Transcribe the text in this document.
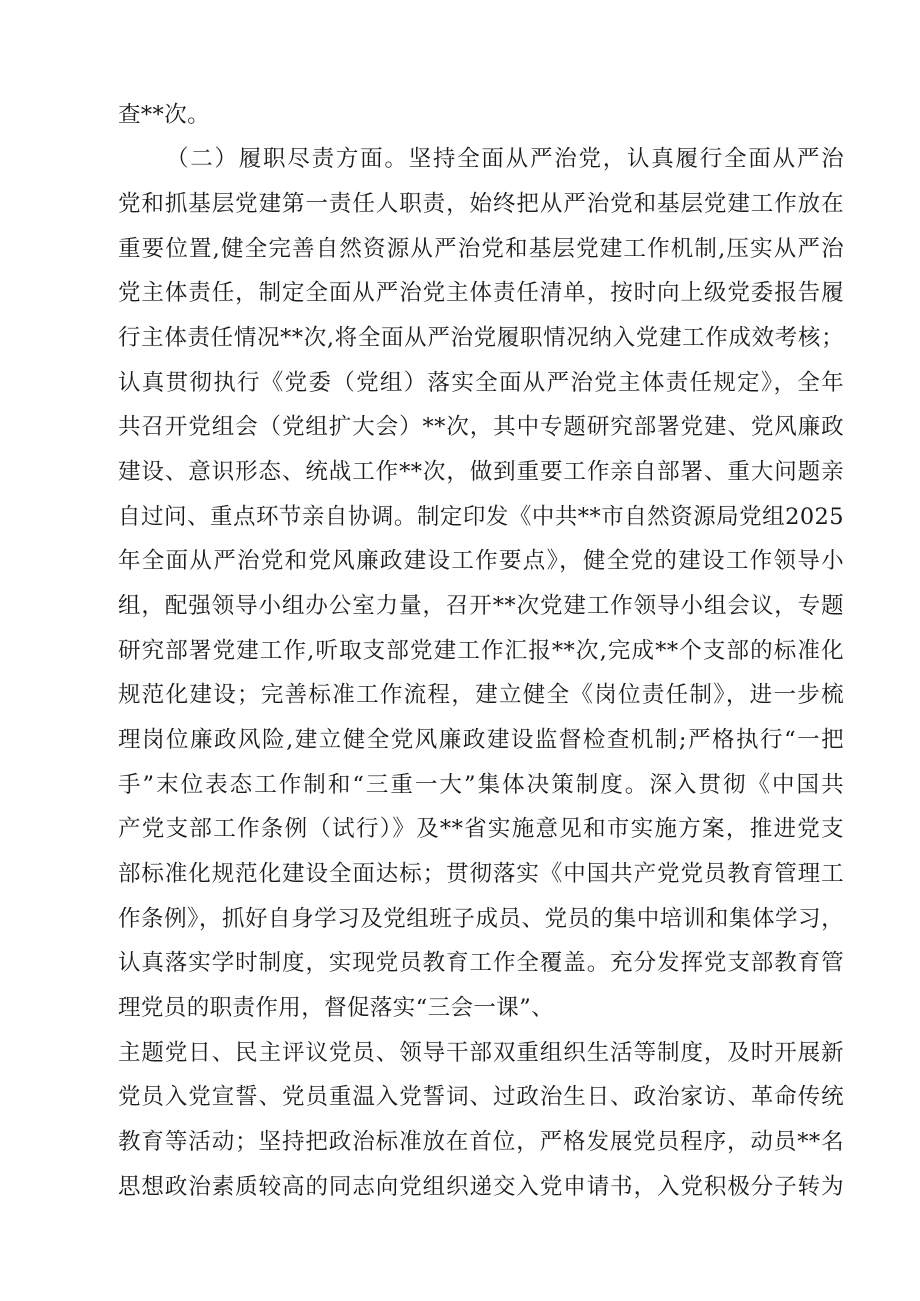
查**次。
（二）履职尽责方面。坚持全面从严治党，认真履行全面从严治
党和抓基层党建第一责任人职责，始终把从严治党和基层党建工作放在
重要位置,健全完善自然资源从严治党和基层党建工作机制,压实从严治
党主体责任，制定全面从严治党主体责任清单，按时向上级党委报告履
行主体责任情况**次,将全面从严治党履职情况纳入党建工作成效考核；
认真贯彻执行《党委（党组）落实全面从严治党主体责任规定》，全年
共召开党组会（党组扩大会）**次，其中专题研究部署党建、党风廉政
建设、意识形态、统战工作**次，做到重要工作亲自部署、重大问题亲
自过问、重点环节亲自协调。制定印发《中共**市自然资源局党组2025
年全面从严治党和党风廉政建设工作要点》，健全党的建设工作领导小
组，配强领导小组办公室力量，召开**次党建工作领导小组会议，专题
研究部署党建工作,听取支部党建工作汇报**次,完成**个支部的标准化
规范化建设；完善标准工作流程，建立健全《岗位责任制》，进一步梳
理岗位廉政风险,建立健全党风廉政建设监督检查机制;严格执行“一把
手”末位表态工作制和“三重一大”集体决策制度。深入贯彻《中国共
产党支部工作条例（试行）》及**省实施意见和市实施方案，推进党支
部标准化规范化建设全面达标；贯彻落实《中国共产党党员教育管理工
作条例》，抓好自身学习及党组班子成员、党员的集中培训和集体学习，
认真落实学时制度，实现党员教育工作全覆盖。充分发挥党支部教育管
理党员的职责作用，督促落实“三会一课”、
主题党日、民主评议党员、领导干部双重组织生活等制度，及时开展新
党员入党宣誓、党员重温入党誓词、过政治生日、政治家访、革命传统
教育等活动；坚持把政治标准放在首位，严格发展党员程序，动员**名
思想政治素质较高的同志向党组织递交入党申请书，入党积极分子转为
